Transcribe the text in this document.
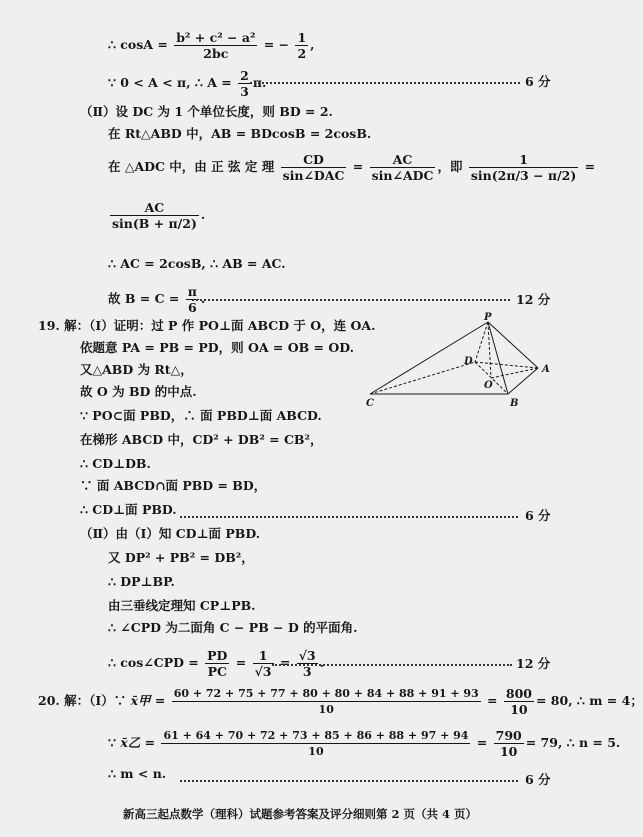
∴ $\cos A = \frac{\text{b² + c² − a²}}{2bc}$ = − $\frac{1}{2}$ ,
∵ 0 < A < π, ∴ $A = \frac{2}{3} \pi$.	6 分
（Ⅱ）设 DC 为 1 个单位长度，则 BD = 2.
在 Rt△ABD 中，AB = BDcosB = 2cosB.
在 △ADC 中，由 正 弦 定 理 $\frac{CD}{\text{sin∠DAC}} = \frac{AC}{\text{sin∠ADC}}$ ，即 $\frac{1}{\sin(2\pi/3 - \pi/2)}$ =
$\frac{AC}{\sin(B + \pi/2)}$ .
∴ AC = 2cosB, ∴ AB = AC.
故 $B = C = \frac{\pi}{6}$ .	12 分
19. 解：（Ⅰ）证明：过 P 作 PO⊥面 ABCD 于 O，连 OA.
依题意 PA = PB = PD，则 OA = OB = OD.
又△ABD 为 Rt△，
故 O 为 BD 的中点.
∵ PO⊂面 PBD，∴ 面 PBD⊥面 ABCD.
在梯形 ABCD 中，CD² + DB² = CB²，
∴ CD⊥DB.
∵ 面 ABCD∩面 PBD = BD，
∴ CD⊥面 PBD.	6 分
P
D
O
A
B
C
（Ⅱ）由（Ⅰ）知 CD⊥面 PBD.
又 DP² + PB² = DB²，
∴ DP⊥BP.
由三垂线定理知 CP⊥PB.
∴ ∠CPD 为二面角 C − PB − D 的平面角.
∴ cos∠CPD = $\frac{PD}{PC} = \frac{1}{√3} = \frac{√3}{3}$ .	12 分
20. 解：（Ⅰ）∵ x̄甲 = $\frac{60 + 72 + 75 + 77 + 80 + 80 + 84 + 88 + 91 + 93}{10} = \frac{800}{10} = 80$, ∴ m = 4；
∵ x̄乙 = $\frac{61 + 64 + 70 + 72 + 73 + 85 + 86 + 88 + 97 + 94}{10} = \frac{790}{10} = 79$, ∴ n = 5.
∴ m < n.	6 分
新高三起点数学（理科）试题参考答案及评分细则第 2 页（共 4 页）
